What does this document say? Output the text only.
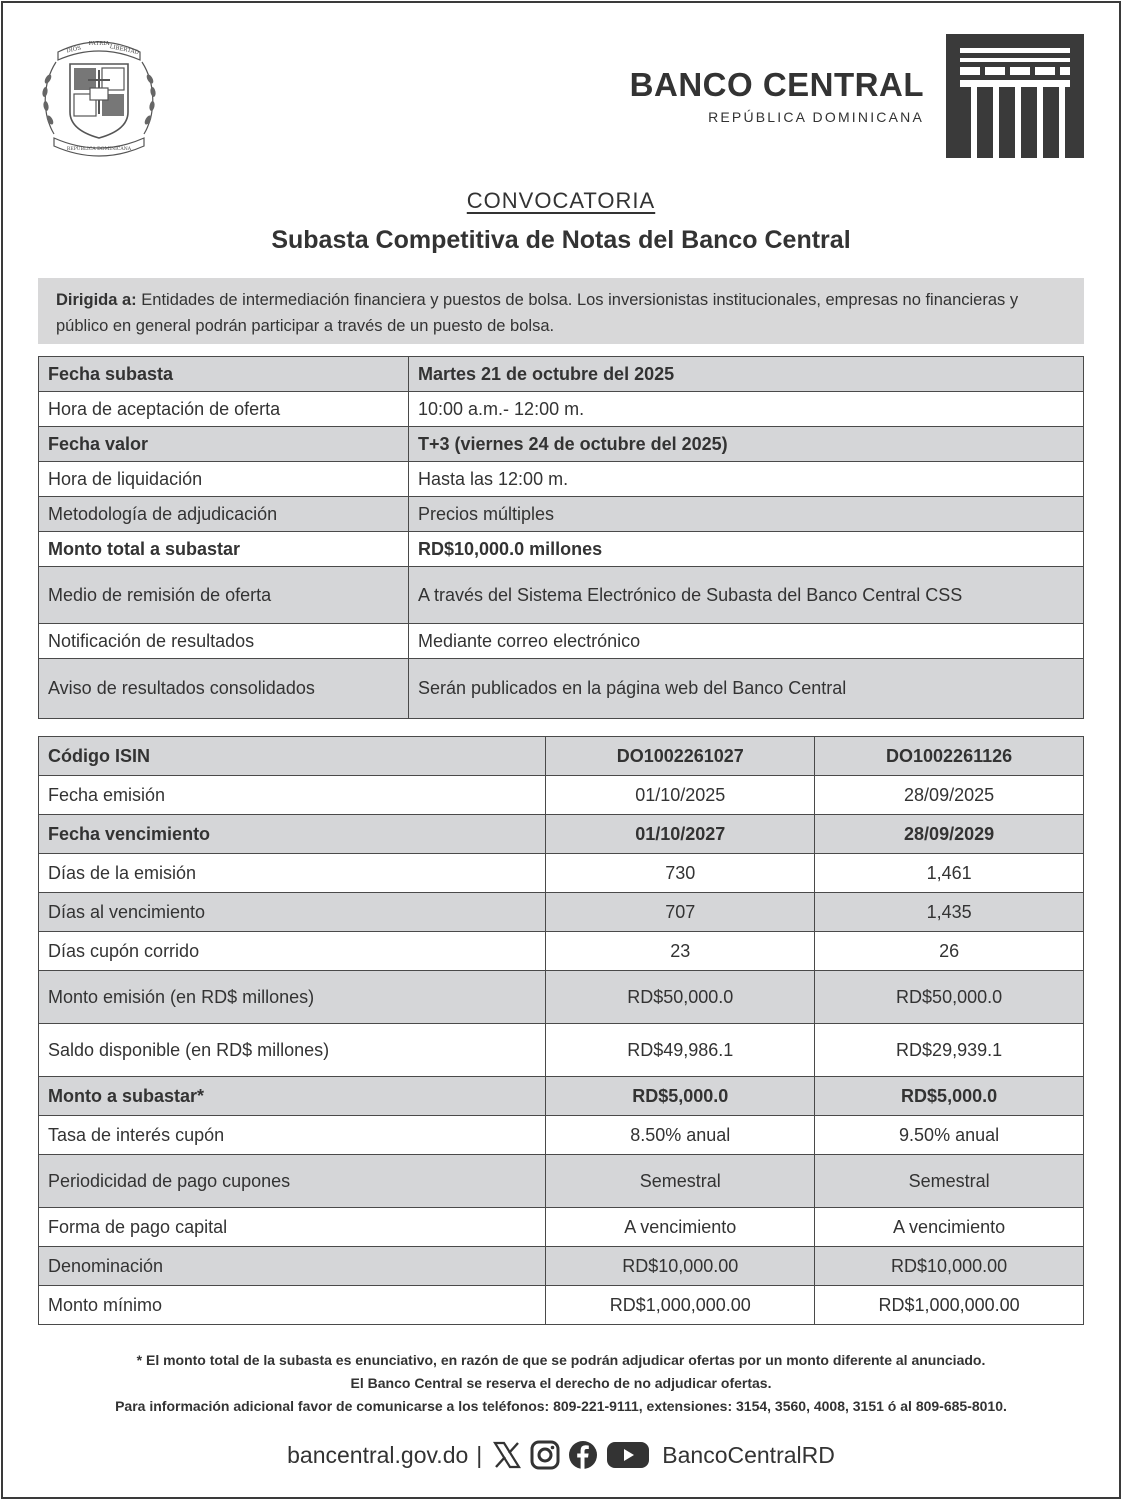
DIOS
PATRIA
LIBERTAD
REPÚBLICA DOMINICANA
BANCO CENTRAL
REPÚBLICA DOMINICANA
CONVOCATORIA
Subasta Competitiva de Notas del Banco Central
Dirigida a: Entidades de intermediación financiera y puestos de bolsa. Los inversionistas institucionales, empresas no financieras y público en general podrán participar a través de un puesto de bolsa.
Fecha subasta	Martes 21 de octubre del 2025
Hora de aceptación de oferta	10:00 a.m.- 12:00 m.
Fecha valor	T+3 (viernes 24 de octubre del 2025)
Hora de liquidación	Hasta las 12:00 m.
Metodología de adjudicación	Precios múltiples
Monto total a subastar	RD$10,000.0 millones
Medio de remisión de oferta	A través del Sistema Electrónico de Subasta del Banco Central CSS
Notificación de resultados	Mediante correo electrónico
Aviso de resultados consolidados	Serán publicados en la página web del Banco Central
Código ISIN	DO1002261027	DO1002261126
Fecha emisión	01/10/2025	28/09/2025
Fecha vencimiento	01/10/2027	28/09/2029
Días de la emisión	730	1,461
Días al vencimiento	707	1,435
Días cupón corrido	23	26
Monto emisión (en RD$ millones)	RD$50,000.0	RD$50,000.0
Saldo disponible (en RD$ millones)	RD$49,986.1	RD$29,939.1
Monto a subastar*	RD$5,000.0	RD$5,000.0
Tasa de interés cupón	8.50% anual	9.50% anual
Periodicidad de pago cupones	Semestral	Semestral
Forma de pago capital	A vencimiento	A vencimiento
Denominación	RD$10,000.00	RD$10,000.00
Monto mínimo	RD$1,000,000.00	RD$1,000,000.00
* El monto total de la subasta es enunciativo, en razón de que se podrán adjudicar ofertas por un monto diferente al anunciado.
El Banco Central se reserva el derecho de no adjudicar ofertas.
Para información adicional favor de comunicarse a los teléfonos: 809-221-9111, extensiones: 3154, 3560, 4008, 3151 ó al 809-685-8010.
bancentral.gov.do |	BancoCentralRD
